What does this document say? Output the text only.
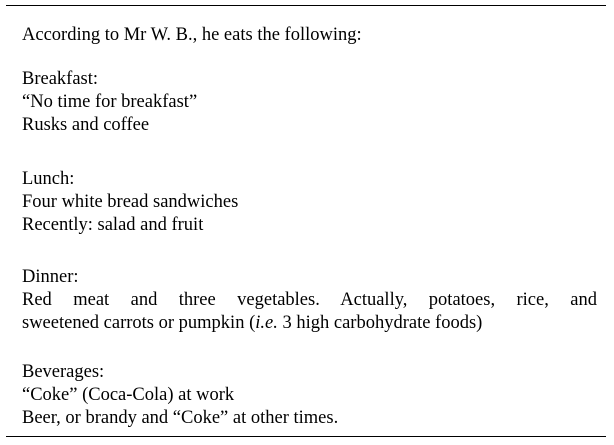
According to Mr W. B., he eats the following:

Breakfast:
“No time for breakfast”
Rusks and coffee
Lunch:
Four white bread sandwiches
Recently: salad and fruit
Dinner:
Red meat and three vegetables. Actually, potatoes, rice, and
sweetened carrots or pumpkin (i.e. 3 high carbohydrate foods)
Beverages:
“Coke” (Coca-Cola) at work
Beer, or brandy and “Coke” at other times.
